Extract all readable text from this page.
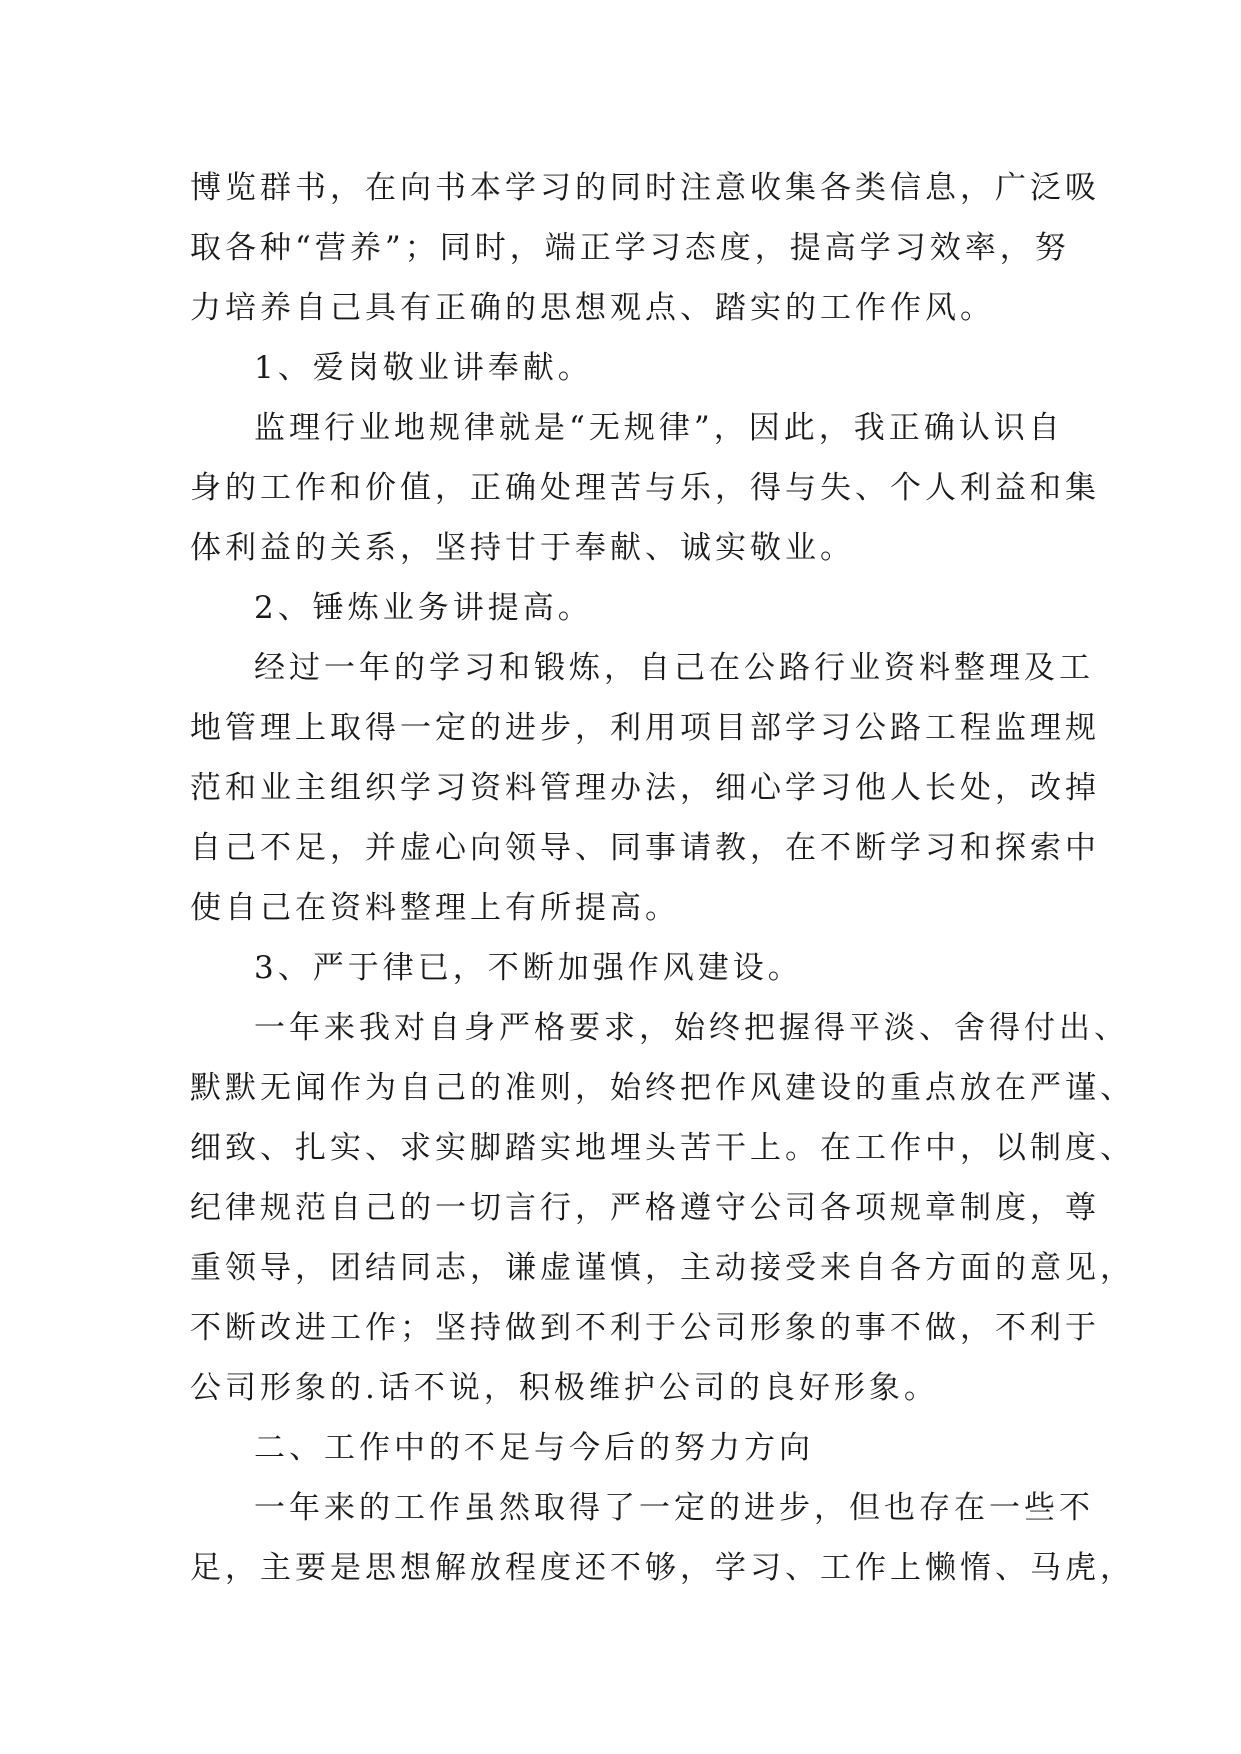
博览群书，在向书本学习的同时注意收集各类信息，广泛吸
取各种“营养”；同时，端正学习态度，提高学习效率，努
力培养自己具有正确的思想观点、踏实的工作作风。
1、爱岗敬业讲奉献。
监理行业地规律就是“无规律”，因此，我正确认识自
身的工作和价值，正确处理苦与乐，得与失、个人利益和集
体利益的关系，坚持甘于奉献、诚实敬业。
2、锤炼业务讲提高。
经过一年的学习和锻炼，自己在公路行业资料整理及工
地管理上取得一定的进步，利用项目部学习公路工程监理规
范和业主组织学习资料管理办法，细心学习他人长处，改掉
自己不足，并虚心向领导、同事请教，在不断学习和探索中
使自己在资料整理上有所提高。
3、严于律已，不断加强作风建设。
一年来我对自身严格要求，始终把握得平淡、舍得付出、
默默无闻作为自己的准则，始终把作风建设的重点放在严谨、
细致、扎实、求实脚踏实地埋头苦干上。在工作中，以制度、
纪律规范自己的一切言行，严格遵守公司各项规章制度，尊
重领导，团结同志，谦虚谨慎，主动接受来自各方面的意见，
不断改进工作；坚持做到不利于公司形象的事不做，不利于
公司形象的.话不说，积极维护公司的良好形象。
二、工作中的不足与今后的努力方向
一年来的工作虽然取得了一定的进步，但也存在一些不
足，主要是思想解放程度还不够，学习、工作上懒惰、马虎，
